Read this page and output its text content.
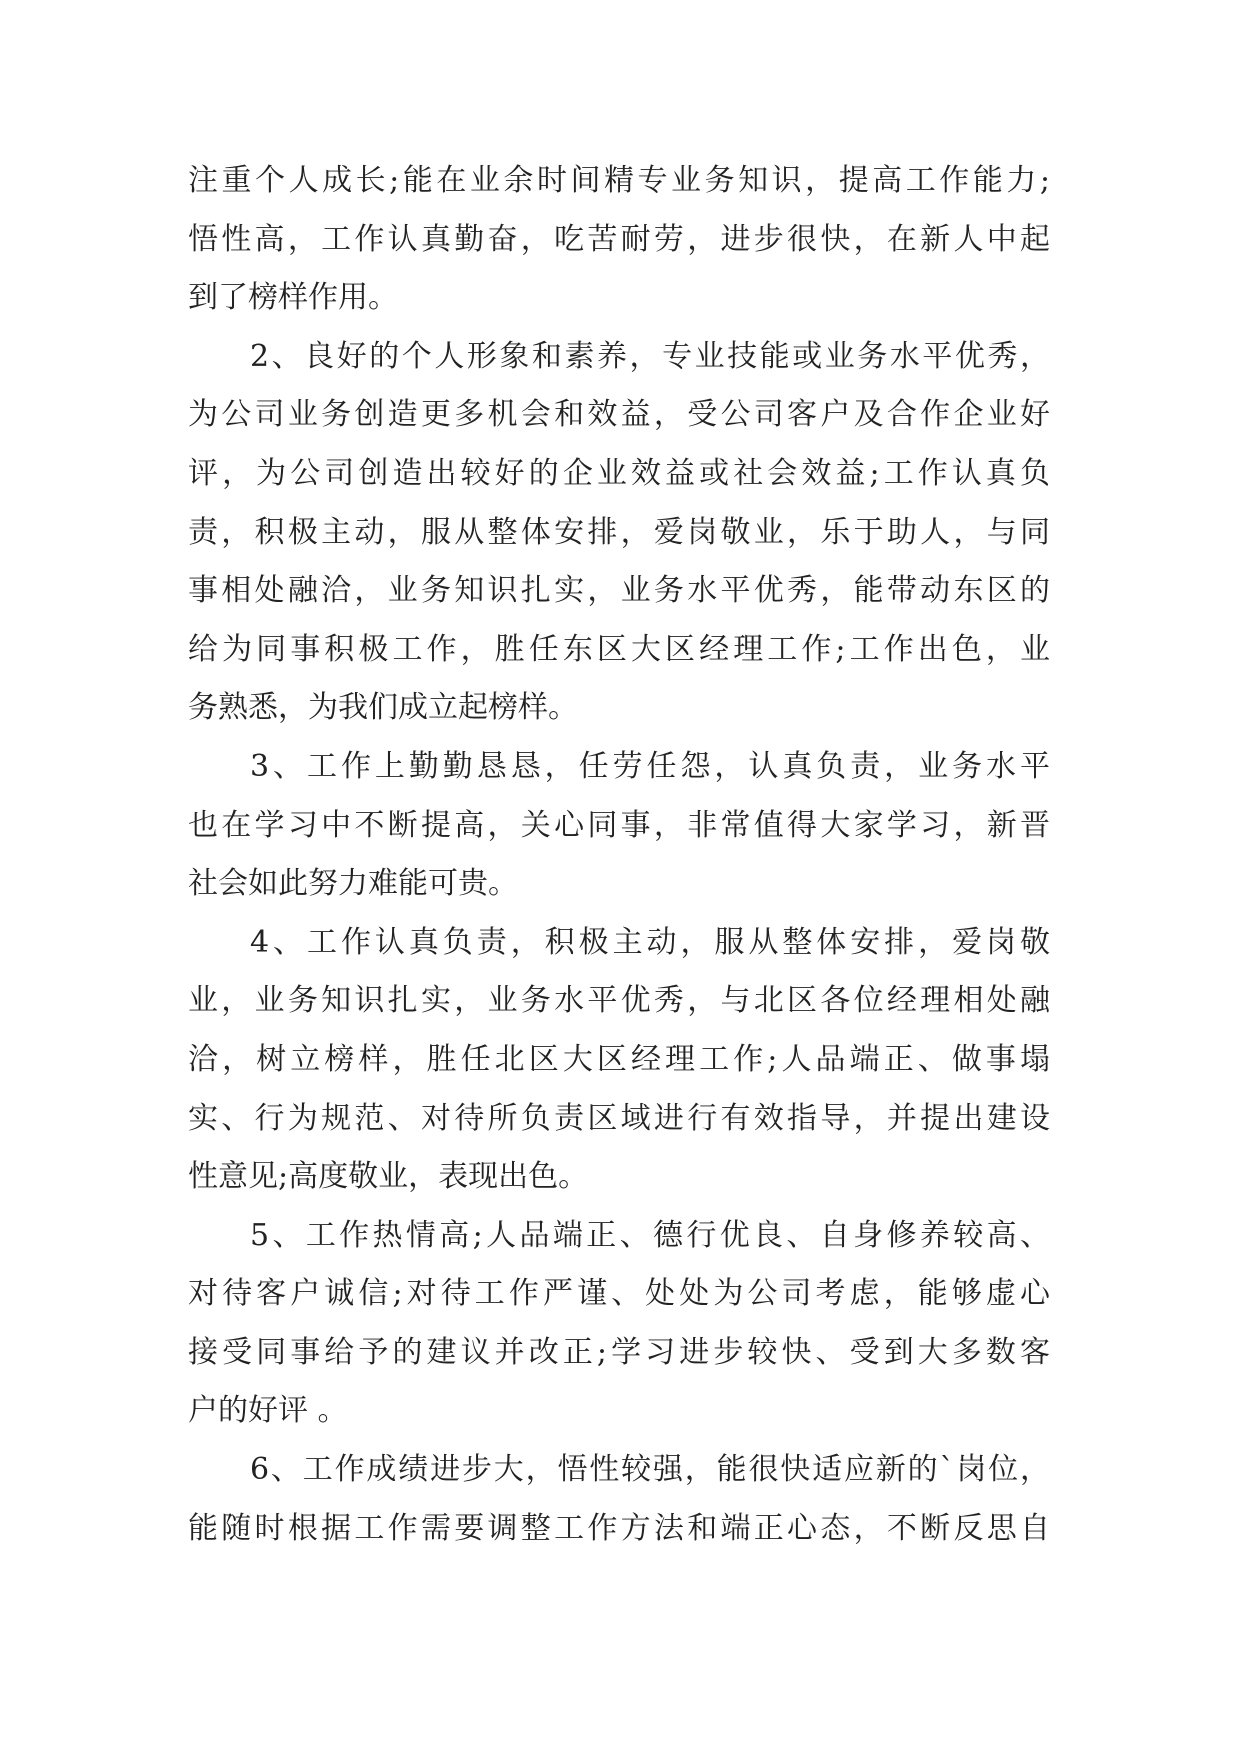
注重个人成长;能在业余时间精专业务知识，提高工作能力;
悟性高，工作认真勤奋，吃苦耐劳，进步很快，在新人中起
到了榜样作用。
2、良好的个人形象和素养，专业技能或业务水平优秀，
为公司业务创造更多机会和效益，受公司客户及合作企业好
评，为公司创造出较好的企业效益或社会效益;工作认真负
责，积极主动，服从整体安排，爱岗敬业，乐于助人，与同
事相处融洽，业务知识扎实，业务水平优秀，能带动东区的
给为同事积极工作，胜任东区大区经理工作;工作出色，业
务熟悉，为我们成立起榜样。
3、工作上勤勤恳恳，任劳任怨，认真负责，业务水平
也在学习中不断提高，关心同事，非常值得大家学习，新晋
社会如此努力难能可贵。
4、工作认真负责，积极主动，服从整体安排，爱岗敬
业，业务知识扎实，业务水平优秀，与北区各位经理相处融
洽，树立榜样，胜任北区大区经理工作;人品端正、做事塌
实、行为规范、对待所负责区域进行有效指导，并提出建设
性意见;高度敬业，表现出色。
5、工作热情高;人品端正、德行优良、自身修养较高、
对待客户诚信;对待工作严谨、处处为公司考虑，能够虚心
接受同事给予的建议并改正;学习进步较快、受到大多数客
户的好评 。
6、工作成绩进步大，悟性较强，能很快适应新的`岗位，
能随时根据工作需要调整工作方法和端正心态，不断反思自
